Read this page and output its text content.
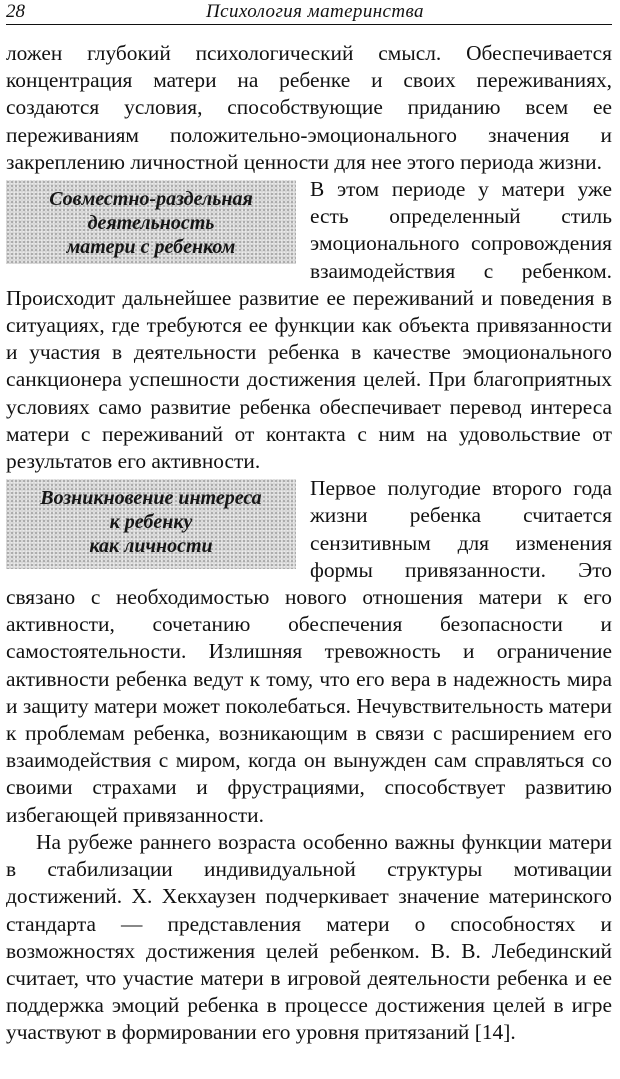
28	Психология материнства

ложен глубокий психологический смысл. Обеспечивается концентрация матери на ребенке и своих переживаниях, создаются условия, способствующие приданию всем ее переживаниям положительно-эмоционального значения и закреплению личностной ценности для нее этого периода жизни.

Совместно-раздельная
деятельность
матери с ребенком

В этом периоде у матери уже есть определенный стиль эмоционального сопровождения взаимодействия с ребенком. Происходит дальнейшее развитие ее переживаний и поведения в ситуациях, где требуются ее функции как объекта привязанности и участия в деятельности ребенка в качестве эмоционального санкционера успешности достижения целей. При благоприятных условиях само развитие ребенка обеспечивает перевод интереса матери с переживаний от контакта с ним на удовольствие от результатов его активности.

Возникновение интереса
к ребенку
как личности

Первое полугодие второго года жизни ребенка считается сензитивным для изменения формы привязанности. Это связано с необходимостью нового отношения матери к его активности, сочетанию обеспечения безопасности и самостоятельности. Излишняя тревожность и ограничение активности ребенка ведут к тому, что его вера в надежность мира и защиту матери может поколебаться. Нечувствительность матери к проблемам ребенка, возникающим в связи с расширением его взаимодействия с миром, когда он вынужден сам справляться со своими страхами и фрустрациями, способствует развитию избегающей привязанности.

На рубеже раннего возраста особенно важны функции матери в стабилизации индивидуальной структуры мотивации достижений. X. Хекхаузен подчеркивает значение материнского стандарта — представления матери о способностях и возможностях достижения целей ребенком. В. В. Лебединский считает, что участие матери в игровой деятельности ребенка и ее поддержка эмоций ребенка в процессе достижения целей в игре участвуют в формировании его уровня притязаний [14].
